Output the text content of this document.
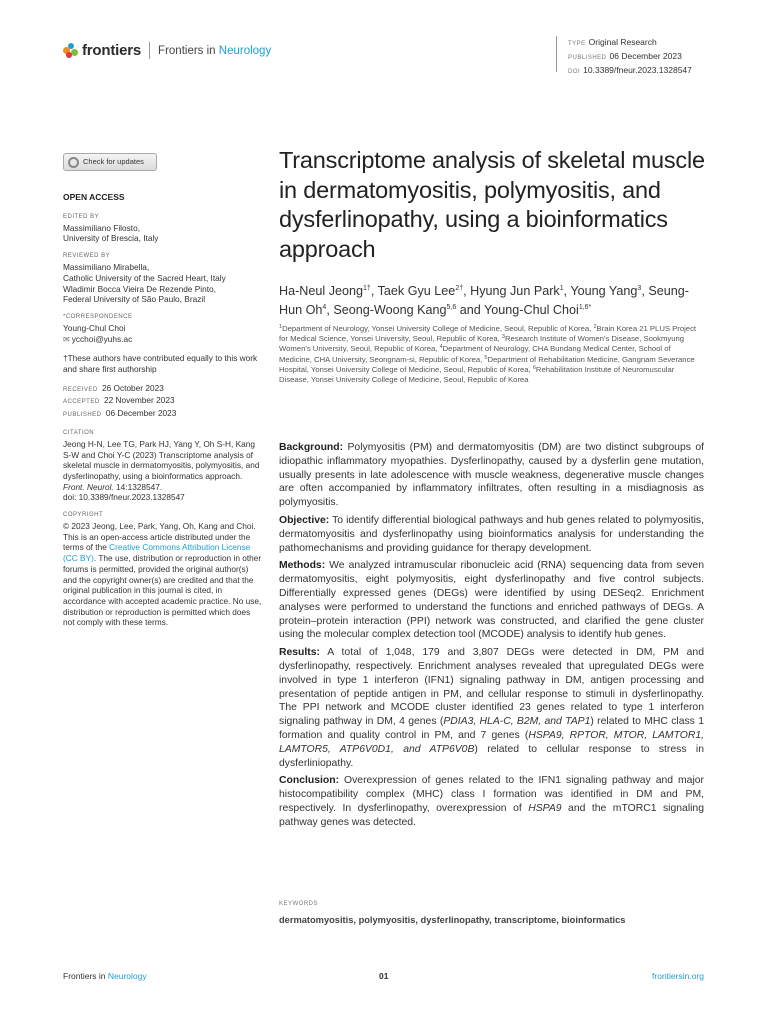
frontiers Frontiers in Neurology
TYPE Original Research
PUBLISHED 06 December 2023
DOI 10.3389/fneur.2023.1328547
Check for updates
OPEN ACCESS
EDITED BY
Massimiliano Filosto,
University of Brescia, Italy
REVIEWED BY
Massimiliano Mirabella,
Catholic University of the Sacred Heart, Italy
Wladimir Bocca Vieira De Rezende Pinto,
Federal University of São Paulo, Brazil
*CORRESPONDENCE
Young-Chul Choi
✉ ycchoi@yuhs.ac
†These authors have contributed equally to this work and share first authorship
RECEIVED 26 October 2023
ACCEPTED 22 November 2023
PUBLISHED 06 December 2023
CITATION
Jeong H-N, Lee TG, Park HJ, Yang Y, Oh S-H, Kang S-W and Choi Y-C (2023) Transcriptome analysis of skeletal muscle in dermatomyositis, polymyositis, and dysferlinopathy, using a bioinformatics approach. Front. Neurol. 14:1328547.
doi: 10.3389/fneur.2023.1328547
COPYRIGHT
© 2023 Jeong, Lee, Park, Yang, Oh, Kang and Choi. This is an open-access article distributed under the terms of the Creative Commons Attribution License (CC BY). The use, distribution or reproduction in other forums is permitted, provided the original author(s) and the copyright owner(s) are credited and that the original publication in this journal is cited, in accordance with accepted academic practice. No use, distribution or reproduction is permitted which does not comply with these terms.
Transcriptome analysis of skeletal muscle in dermatomyositis, polymyositis, and dysferlinopathy, using a bioinformatics approach
Ha-Neul Jeong$^{1\dagger}$, Taek Gyu Lee$^{2\dagger}$, Hyung Jun Park$^1$, Young Yang$^3$, Seung-Hun Oh$^4$, Seong-Woong Kang$^{5,6}$ and Young-Chul Choi$^{1,6*}$
$^1$Department of Neurology, Yonsei University College of Medicine, Seoul, Republic of Korea, $^2$Brain Korea 21 PLUS Project for Medical Science, Yonsei University, Seoul, Republic of Korea, $^3$Research Institute of Women's Disease, Sookmyung Women's University, Seoul, Republic of Korea, $^4$Department of Neurology, CHA Bundang Medical Center, School of Medicine, CHA University, Seongnam-si, Republic of Korea, $^5$Department of Rehabilitation Medicine, Gangnam Severance Hospital, Yonsei University College of Medicine, Seoul, Republic of Korea, $^6$Rehabilitation Institute of Neuromuscular Disease, Yonsei University College of Medicine, Seoul, Republic of Korea

Background: Polymyositis (PM) and dermatomyositis (DM) are two distinct subgroups of idiopathic inflammatory myopathies. Dysferlinopathy, caused by a dysferlin gene mutation, usually presents in late adolescence with muscle weakness, degenerative muscle changes are often accompanied by inflammatory infiltrates, often resulting in a misdiagnosis as polymyositis.

Objective: To identify differential biological pathways and hub genes related to polymyositis, dermatomyositis and dysferlinopathy using bioinformatics analysis for understanding the pathomechanisms and providing guidance for therapy development.

Methods: We analyzed intramuscular ribonucleic acid (RNA) sequencing data from seven dermatomyositis, eight polymyositis, eight dysferlinopathy and five control subjects. Differentially expressed genes (DEGs) were identified by using DESeq2. Enrichment analyses were performed to understand the functions and enriched pathways of DEGs. A protein–protein interaction (PPI) network was constructed, and clarified the gene cluster using the molecular complex detection tool (MCODE) analysis to identify hub genes.

Results: A total of 1,048, 179 and 3,807 DEGs were detected in DM, PM and dysferlinopathy, respectively. Enrichment analyses revealed that upregulated DEGs were involved in type 1 interferon (IFN1) signaling pathway in DM, antigen processing and presentation of peptide antigen in PM, and cellular response to stimuli in dysferlinopathy. The PPI network and MCODE cluster identified 23 genes related to type 1 interferon signaling pathway in DM, 4 genes (PDIA3, HLA-C, B2M, and TAP1) related to MHC class 1 formation and quality control in PM, and 7 genes (HSPA9, RPTOR, MTOR, LAMTOR1, LAMTOR5, ATP6V0D1, and ATP6V0B) related to cellular response to stress in dysferliniopathy.

Conclusion: Overexpression of genes related to the IFN1 signaling pathway and major histocompatibility complex (MHC) class I formation was identified in DM and PM, respectively. In dysferlinopathy, overexpression of HSPA9 and the mTORC1 signaling pathway genes was detected.

KEYWORDS
dermatomyositis, polymyositis, dysferlinopathy, transcriptome, bioinformatics
Frontiers in Neurology	01	frontiersin.org
